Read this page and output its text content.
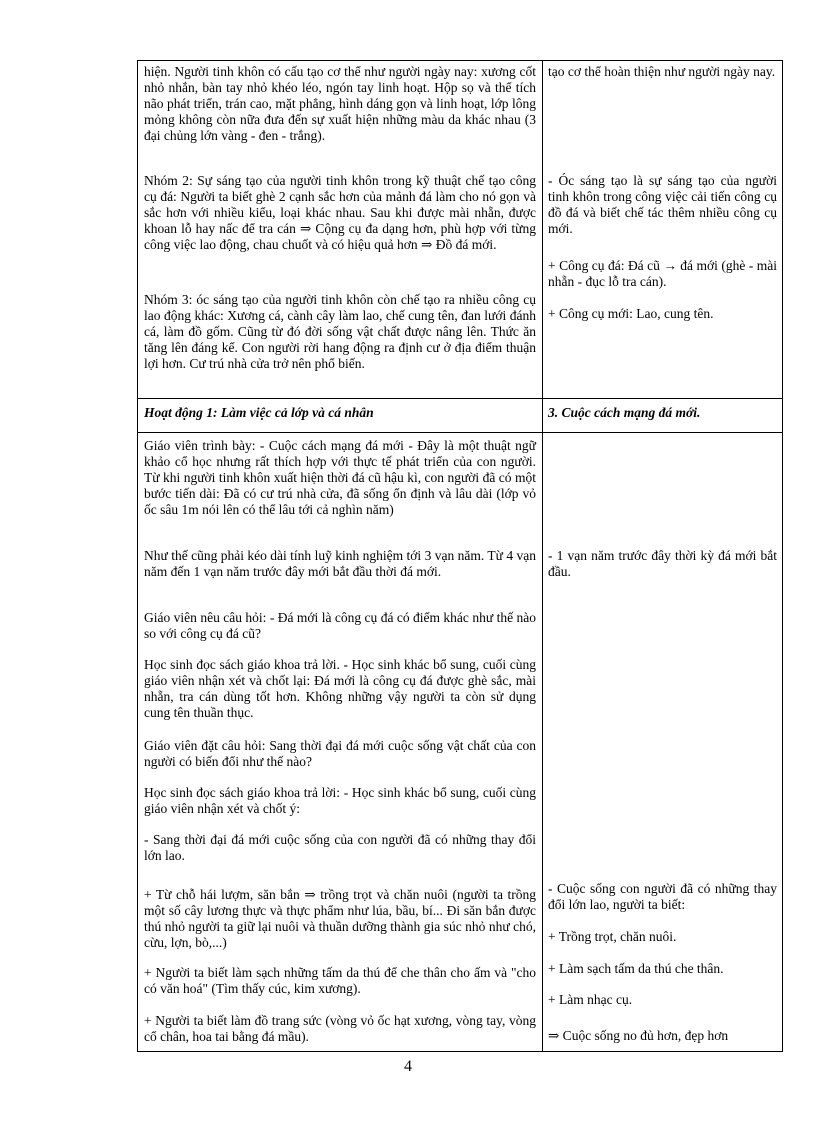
hiện. Người tinh khôn có cấu tạo cơ thể như người ngày nay: xương cốt nhỏ nhắn, bàn tay nhỏ khéo léo, ngón tay linh hoạt. Hộp sọ và thể tích não phát triển, trán cao, mặt phẳng, hình dáng gọn và linh hoạt, lớp lông mỏng không còn nữa đưa đến sự xuất hiện những màu da khác nhau (3 đại chủng lớn vàng - đen - trắng).
Nhóm 2: Sự sáng tạo của người tinh khôn trong kỹ thuật chế tạo công cụ đá: Người ta biết ghè 2 cạnh sắc hơn của mảnh đá làm cho nó gọn và sắc hơn với nhiều kiểu, loại khác nhau. Sau khi được mài nhẵn, được khoan lỗ hay nấc để tra cán ⇒ Cộng cụ đa dạng hơn, phù hợp với từng công việc lao động, chau chuốt và có hiệu quả hơn ⇒ Đồ đá mới.
Nhóm 3: óc sáng tạo của người tinh khôn còn chế tạo ra nhiều công cụ lao động khác: Xương cá, cành cây làm lao, chế cung tên, đan lưới đánh cá, làm đồ gốm. Cũng từ đó đời sống vật chất được nâng lên. Thức ăn tăng lên đáng kể. Con người rời hang động ra định cư ở địa điểm thuận lợi hơn. Cư trú nhà cửa trở nên phổ biến.
tạo cơ thể hoàn thiện như người ngày nay.
- Óc sáng tạo là sự sáng tạo của người tinh khôn trong công việc cải tiến công cụ đồ đá và biết chế tác thêm nhiều công cụ mới.
+ Công cụ đá: Đá cũ → đá mới (ghè - mài nhẵn - đục lỗ tra cán).
+ Công cụ mới: Lao, cung tên.
Hoạt động 1: Làm việc cả lớp và cá nhân	3. Cuộc cách mạng đá mới.
Giáo viên trình bày: - Cuộc cách mạng đá mới - Đây là một thuật ngữ khảo cổ học nhưng rất thích hợp với thực tế phát triển của con người. Từ khi người tinh khôn xuất hiện thời đá cũ hậu kì, con người đã có một bước tiến dài: Đã có cư trú nhà cửa, đã sống ổn định và lâu dài (lớp vỏ ốc sâu 1m nói lên có thể lâu tới cả nghìn năm)
Như thế cũng phải kéo dài tính luỹ kinh nghiệm tới 3 vạn năm. Từ 4 vạn năm đến 1 vạn năm trước đây mới bắt đầu thời đá mới.
Giáo viên nêu câu hỏi: - Đá mới là công cụ đá có điểm khác như thế nào so với công cụ đá cũ?
Học sinh đọc sách giáo khoa trả lời. - Học sinh khác bổ sung, cuối cùng giáo viên nhận xét và chốt lại: Đá mới là công cụ đá được ghè sắc, mài nhẵn, tra cán dùng tốt hơn. Không những vậy người ta còn sử dụng cung tên thuần thục.
Giáo viên đặt câu hỏi: Sang thời đại đá mới cuộc sống vật chất của con người có biến đổi như thế nào?
Học sinh đọc sách giáo khoa trả lời: - Học sinh khác bổ sung, cuối cùng giáo viên nhận xét và chốt ý:
- Sang thời đại đá mới cuộc sống của con người đã có những thay đổi lớn lao.
+ Từ chỗ hái lượm, săn bắn ⇒ trồng trọt và chăn nuôi (người ta trồng một số cây lương thực và thực phẩm như lúa, bầu, bí... Đi săn bắn được thú nhỏ người ta giữ lại nuôi và thuần dưỡng thành gia súc nhỏ như chó, cừu, lợn, bò,...)
+ Người ta biết làm sạch những tấm da thú để che thân cho ấm và "cho có văn hoá" (Tìm thấy cúc, kim xương).
+ Người ta biết làm đồ trang sức (vòng vỏ ốc hạt xương, vòng tay, vòng cổ chân, hoa tai bằng đá mầu).
- 1 vạn năm trước đây thời kỳ đá mới bắt đầu.
- Cuộc sống con người đã có những thay đổi lớn lao, người ta biết:
+ Trồng trọt, chăn nuôi.
+ Làm sạch tấm da thú che thân.
+ Làm nhạc cụ.
⇒ Cuộc sống no đủ hơn, đẹp hơn
4
